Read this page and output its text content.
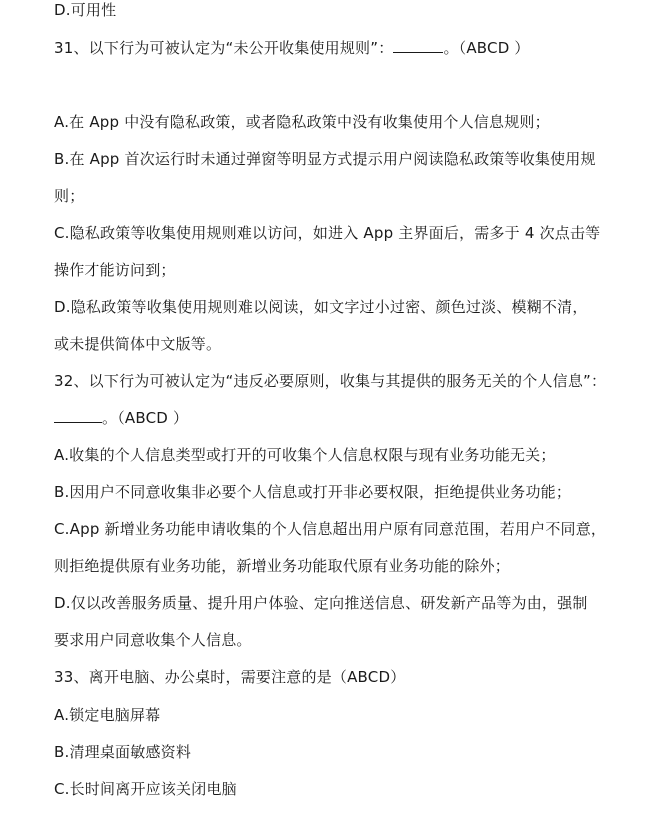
D.可用性
31、以下行为可被认定为“未公开收集使用规则”：	。（ABCD ）
A.在 App 中没有隐私政策，或者隐私政策中没有收集使用个人信息规则；
B.在 App 首次运行时未通过弹窗等明显方式提示用户阅读隐私政策等收集使用规
则；
C.隐私政策等收集使用规则难以访问，如进入 App 主界面后，需多于 4 次点击等
操作才能访问到；
D.隐私政策等收集使用规则难以阅读，如文字过小过密、颜色过淡、模糊不清，
或未提供简体中文版等。
32、以下行为可被认定为“违反必要原则，收集与其提供的服务无关的个人信息”：
。（ABCD ）
A.收集的个人信息类型或打开的可收集个人信息权限与现有业务功能无关；
B.因用户不同意收集非必要个人信息或打开非必要权限，拒绝提供业务功能；
C.App 新增业务功能申请收集的个人信息超出用户原有同意范围，若用户不同意，
则拒绝提供原有业务功能，新增业务功能取代原有业务功能的除外；
D.仅以改善服务质量、提升用户体验、定向推送信息、研发新产品等为由，强制
要求用户同意收集个人信息。
33、离开电脑、办公桌时，需要注意的是（ABCD）
A.锁定电脑屏幕
B.清理桌面敏感资料
C.长时间离开应该关闭电脑
